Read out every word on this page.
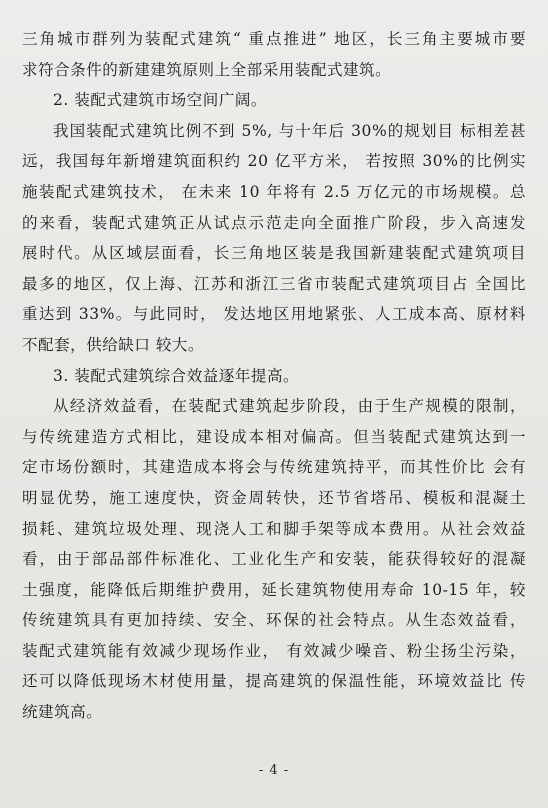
三角城市群列为装配式建筑“ 重点推进” 地区，长三角主要城市要
求符合条件的新建建筑原则上全部采用装配式建筑。
2. 装配式建筑市场空间广阔。
我国装配式建筑比例不到 5%, 与十年后 30%的规划目 标相差甚
远，我国每年新增建筑面积约 20 亿平方米， 若按照 30%的比例实
施装配式建筑技术， 在未来 10 年将有 2.5 万亿元的市场规模。总
的来看，装配式建筑正从试点示范走向全面推广阶段，步入高速发
展时代。从区域层面看，长三角地区装是我国新建装配式建筑项目
最多的地区，仅上海、江苏和浙江三省市装配式建筑项目占 全国比
重达到 33%。与此同时， 发达地区用地紧张、人工成本高、原材料
不配套，供给缺口 较大。
3. 装配式建筑综合效益逐年提高。
从经济效益看，在装配式建筑起步阶段，由于生产规模的限制，
与传统建造方式相比，建设成本相对偏高。但当装配式建筑达到一
定市场份额时，其建造成本将会与传统建筑持平，而其性价比 会有
明显优势，施工速度快，资金周转快，还节省塔吊、模板和混凝土
损耗、建筑垃圾处理、现浇人工和脚手架等成本费用。从社会效益
看，由于部品部件标准化、工业化生产和安装，能获得较好的混凝
土强度，能降低后期维护费用，延长建筑物使用寿命 10-15 年，较
传统建筑具有更加持续、安全、环保的社会特点。从生态效益看，
装配式建筑能有效减少现场作业， 有效减少噪音、粉尘扬尘污染，
还可以降低现场木材使用量，提高建筑的保温性能，环境效益比 传
统建筑高。
- 4 -
